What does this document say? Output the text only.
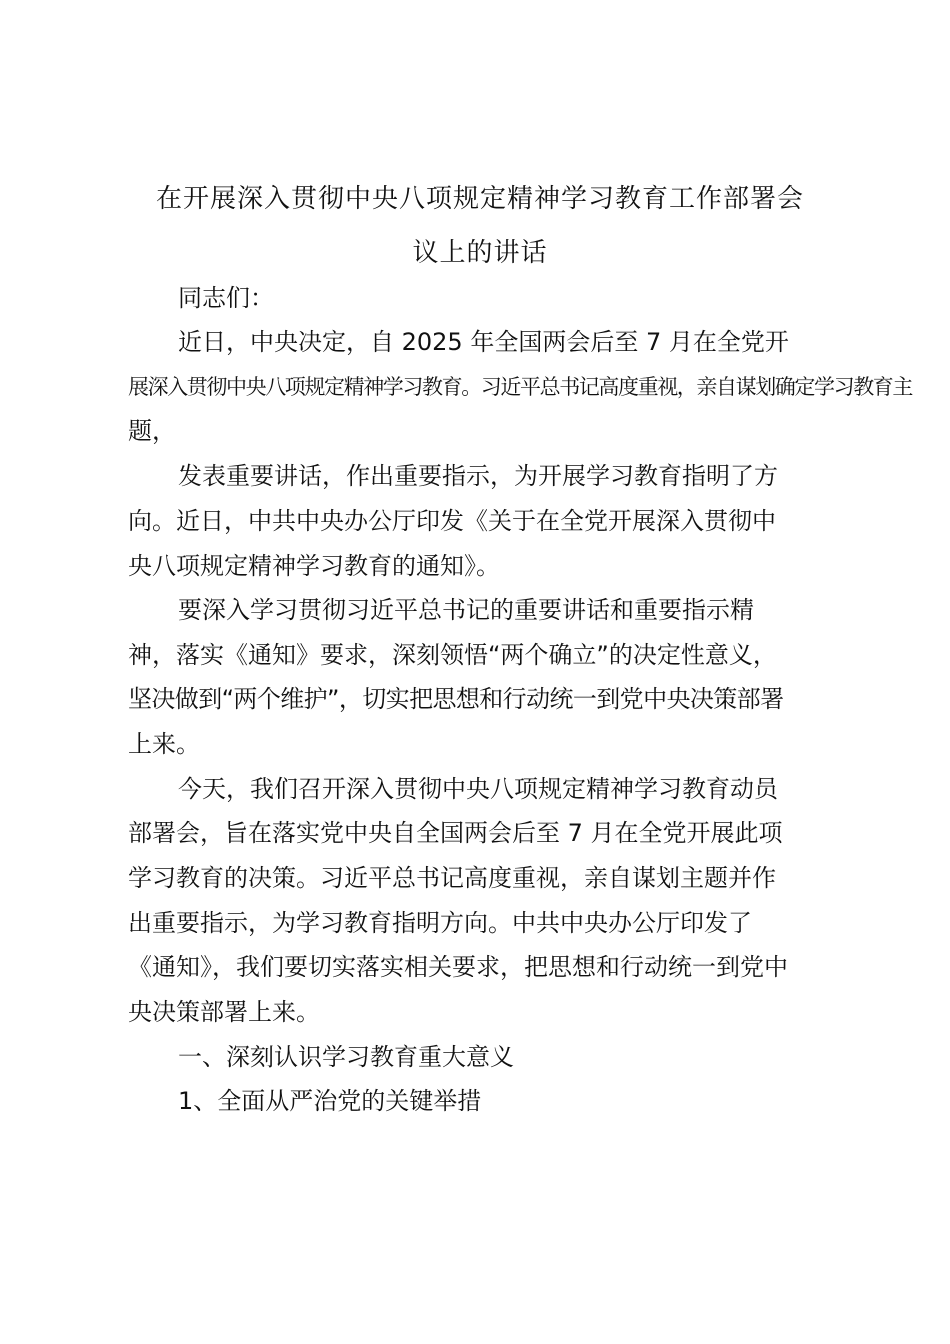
在开展深入贯彻中央八项规定精神学习教育工作部署会
议上的讲话
同志们：
近日，中央决定，自 2025 年全国两会后至 7 月在全党开
展深入贯彻中央八项规定精神学习教育。习近平总书记高度重视，亲自谋划确定学习教育主
题，
发表重要讲话，作出重要指示，为开展学习教育指明了方
向。近日，中共中央办公厅印发《关于在全党开展深入贯彻中
央八项规定精神学习教育的通知》。
要深入学习贯彻习近平总书记的重要讲话和重要指示精
神，落实《通知》要求，深刻领悟“两个确立”的决定性意义，
坚决做到“两个维护”，切实把思想和行动统一到党中央决策部署
上来。
今天，我们召开深入贯彻中央八项规定精神学习教育动员
部署会，旨在落实党中央自全国两会后至 7 月在全党开展此项
学习教育的决策。习近平总书记高度重视，亲自谋划主题并作
出重要指示，为学习教育指明方向。中共中央办公厅印发了
《通知》，我们要切实落实相关要求，把思想和行动统一到党中
央决策部署上来。
一、深刻认识学习教育重大意义
1、全面从严治党的关键举措
